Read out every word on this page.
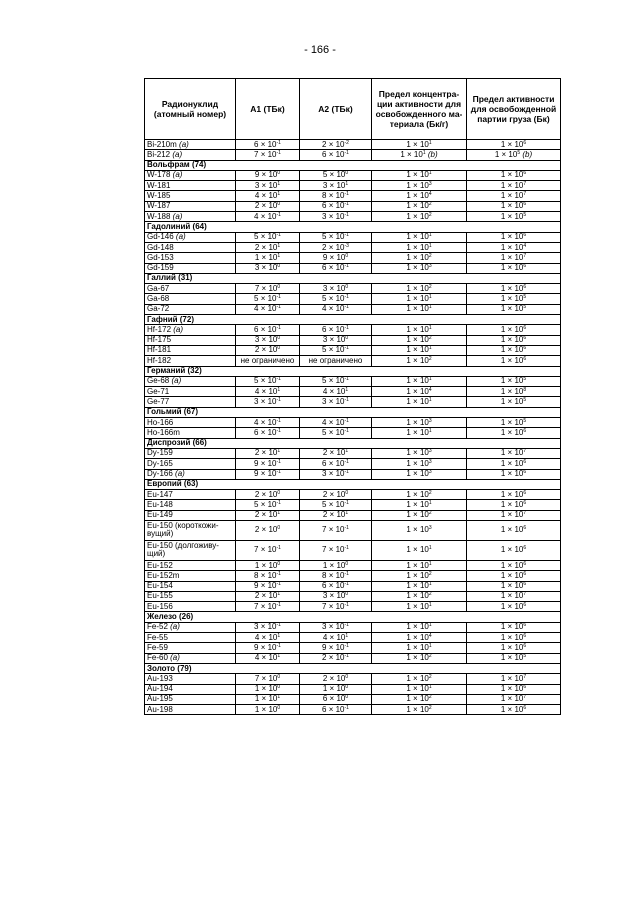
- 166 -
Радионуклид (атомный номер)	A1 (ТБк)	A2 (ТБк)	Предел концентра-ции активности для освобожденного ма-териала (Бк/г)	Предел активности для освобожденной партии груза (Бк)
Bi-210m (a)	$6 \times 10^{-1}$	$2 \times 10^{-2}$	$1 \times 10^1$	$1 \times 10^6$
Bi-212 (a)	$7 \times 10^{-1}$	$6 \times 10^{-1}$	$1 \times 10^1$ (b)	$1 \times 10^5$ (b)
Вольфрам (74)				
W-178 (a)	$9 \times 10^0$	$5 \times 10^0$	$1 \times 10^1$	$1 \times 10^6$
W-181	$3 \times 10^1$	$3 \times 10^1$	$1 \times 10^3$	$1 \times 10^7$
W-185	$4 \times 10^1$	$8 \times 10^{-1}$	$1 \times 10^4$	$1 \times 10^7$
W-187	$2 \times 10^0$	$6 \times 10^{-1}$	$1 \times 10^2$	$1 \times 10^6$
W-188 (a)	$4 \times 10^{-1}$	$3 \times 10^{-1}$	$1 \times 10^2$	$1 \times 10^5$
Гадолиний (64)				
Gd-146 (a)	$5 \times 10^{-1}$	$5 \times 10^{-1}$	$1 \times 10^1$	$1 \times 10^6$
Gd-148	$2 \times 10^1$	$2 \times 10^{-3}$	$1 \times 10^1$	$1 \times 10^4$
Gd-153	$1 \times 10^1$	$9 \times 10^0$	$1 \times 10^2$	$1 \times 10^7$
Gd-159	$3 \times 10^0$	$6 \times 10^{-1}$	$1 \times 10^3$	$1 \times 10^6$
Галлий (31)				
Ga-67	$7 \times 10^0$	$3 \times 10^0$	$1 \times 10^2$	$1 \times 10^6$
Ga-68	$5 \times 10^{-1}$	$5 \times 10^{-1}$	$1 \times 10^1$	$1 \times 10^5$
Ga-72	$4 \times 10^{-1}$	$4 \times 10^{-1}$	$1 \times 10^1$	$1 \times 10^5$
Гафний (72)				
Hf-172 (a)	$6 \times 10^{-1}$	$6 \times 10^{-1}$	$1 \times 10^1$	$1 \times 10^6$
Hf-175	$3 \times 10^0$	$3 \times 10^0$	$1 \times 10^2$	$1 \times 10^6$
Hf-181	$2 \times 10^0$	$5 \times 10^{-1}$	$1 \times 10^1$	$1 \times 10^6$
Hf-182	не ограничено	не ограничено	$1 \times 10^2$	$1 \times 10^6$
Германий (32)				
Ge-68 (a)	$5 \times 10^{-1}$	$5 \times 10^{-1}$	$1 \times 10^1$	$1 \times 10^5$
Ge-71	$4 \times 10^1$	$4 \times 10^1$	$1 \times 10^4$	$1 \times 10^8$
Ge-77	$3 \times 10^{-1}$	$3 \times 10^{-1}$	$1 \times 10^1$	$1 \times 10^5$
Гольмий (67)				
Ho-166	$4 \times 10^{-1}$	$4 \times 10^{-1}$	$1 \times 10^3$	$1 \times 10^5$
Ho-166m	$6 \times 10^{-1}$	$5 \times 10^{-1}$	$1 \times 10^1$	$1 \times 10^6$
Диспрозий (66)				
Dy-159	$2 \times 10^1$	$2 \times 10^1$	$1 \times 10^3$	$1 \times 10^7$
Dy-165	$9 \times 10^{-1}$	$6 \times 10^{-1}$	$1 \times 10^3$	$1 \times 10^6$
Dy-166 (a)	$9 \times 10^{-1}$	$3 \times 10^{-1}$	$1 \times 10^3$	$1 \times 10^6$
Европий (63)				
Eu-147	$2 \times 10^0$	$2 \times 10^0$	$1 \times 10^2$	$1 \times 10^6$
Eu-148	$5 \times 10^{-1}$	$5 \times 10^{-1}$	$1 \times 10^1$	$1 \times 10^6$
Eu-149	$2 \times 10^1$	$2 \times 10^1$	$1 \times 10^2$	$1 \times 10^7$
Eu-150 (короткожи-вущий)	$2 \times 10^0$	$7 \times 10^{-1}$	$1 \times 10^3$	$1 \times 10^6$
Eu-150 (долгоживу-щий)	$7 \times 10^{-1}$	$7 \times 10^{-1}$	$1 \times 10^1$	$1 \times 10^6$
Eu-152	$1 \times 10^0$	$1 \times 10^0$	$1 \times 10^1$	$1 \times 10^6$
Eu-152m	$8 \times 10^{-1}$	$8 \times 10^{-1}$	$1 \times 10^2$	$1 \times 10^6$
Eu-154	$9 \times 10^{-1}$	$6 \times 10^{-1}$	$1 \times 10^1$	$1 \times 10^6$
Eu-155	$2 \times 10^1$	$3 \times 10^0$	$1 \times 10^2$	$1 \times 10^7$
Eu-156	$7 \times 10^{-1}$	$7 \times 10^{-1}$	$1 \times 10^1$	$1 \times 10^6$
Железо (26)				
Fe-52 (a)	$3 \times 10^{-1}$	$3 \times 10^{-1}$	$1 \times 10^1$	$1 \times 10^6$
Fe-55	$4 \times 10^1$	$4 \times 10^1$	$1 \times 10^4$	$1 \times 10^6$
Fe-59	$9 \times 10^{-1}$	$9 \times 10^{-1}$	$1 \times 10^1$	$1 \times 10^6$
Fe-60 (a)	$4 \times 10^1$	$2 \times 10^{-1}$	$1 \times 10^2$	$1 \times 10^5$
Золото (79)				
Au-193	$7 \times 10^0$	$2 \times 10^0$	$1 \times 10^2$	$1 \times 10^7$
Au-194	$1 \times 10^0$	$1 \times 10^0$	$1 \times 10^1$	$1 \times 10^6$
Au-195	$1 \times 10^1$	$6 \times 10^0$	$1 \times 10^2$	$1 \times 10^7$
Au-198	$1 \times 10^0$	$6 \times 10^{-1}$	$1 \times 10^2$	$1 \times 10^6$
